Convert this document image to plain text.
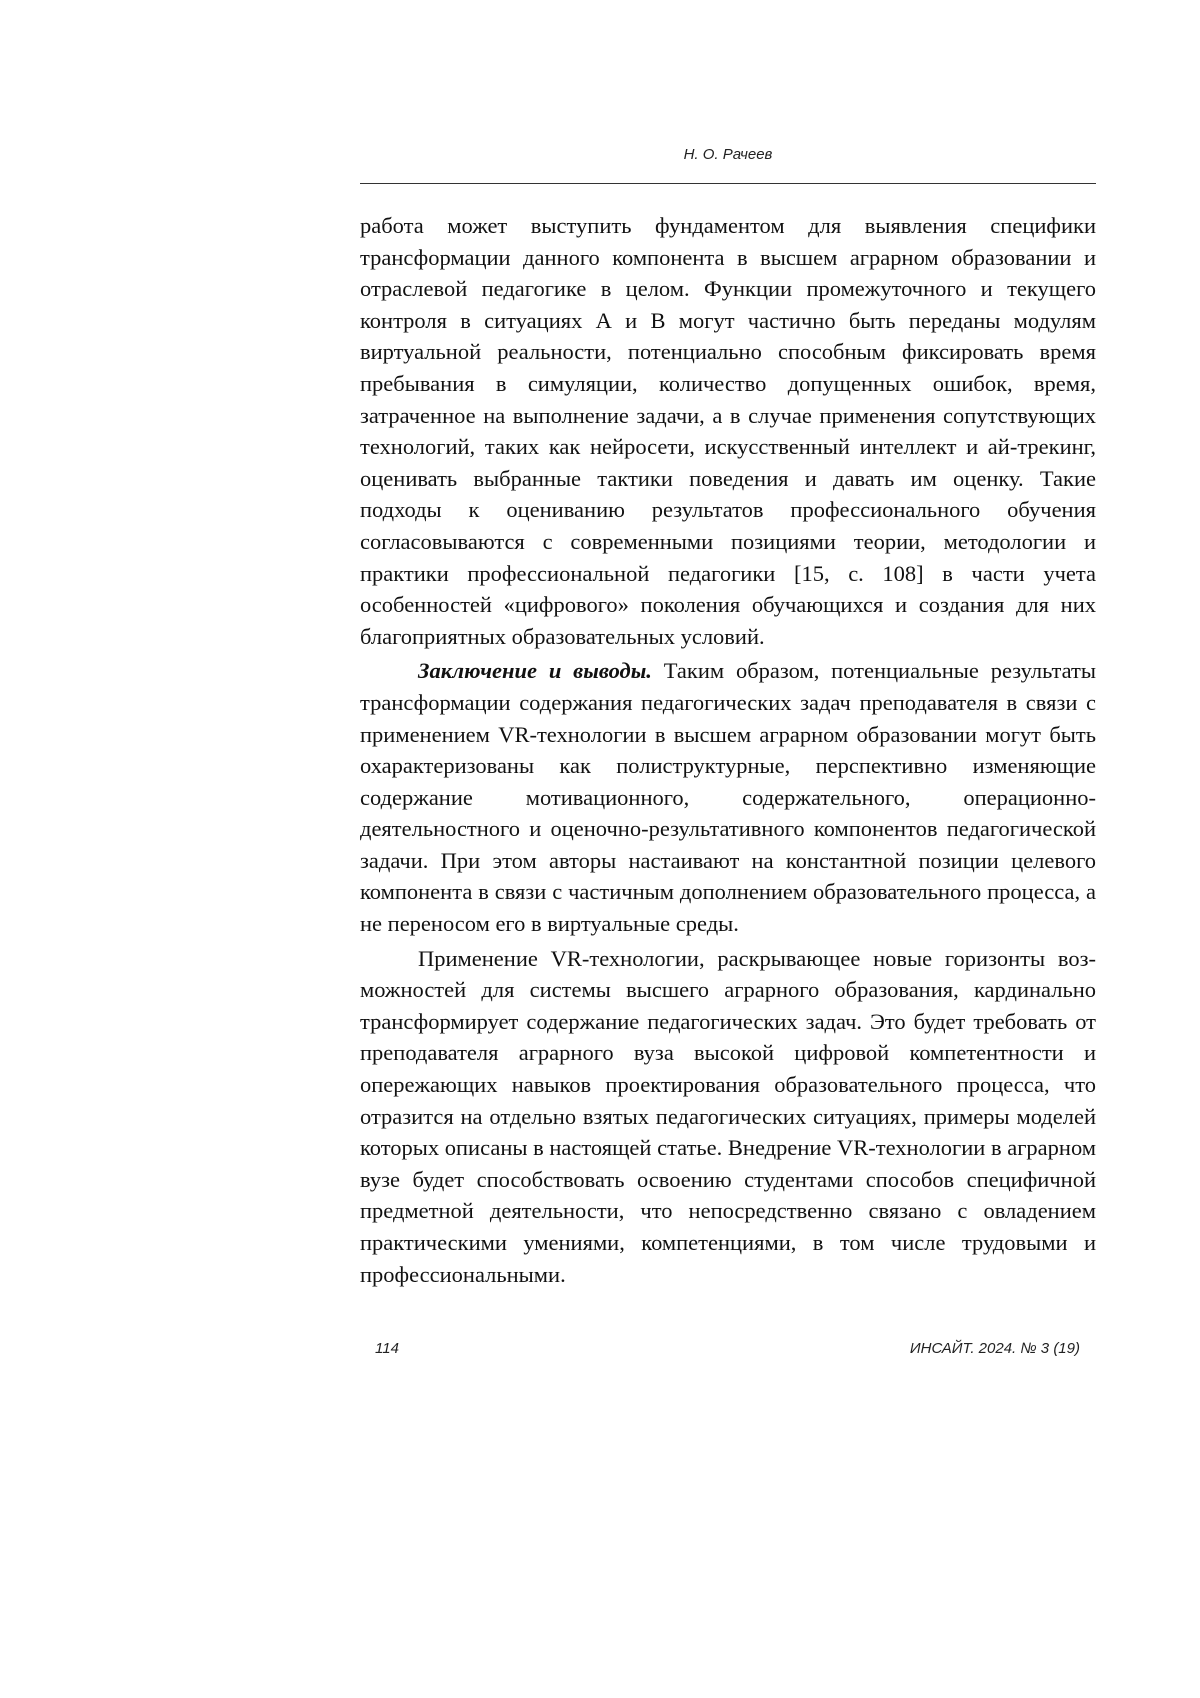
Н. О. Рачеев

работа может выступить фундаментом для выявления специфики трансформации данного компонента в высшем аграрном образовании и отраслевой педагогике в целом. Функции промежуточного и текущего контроля в ситуациях А и В могут частично быть переданы модулям виртуальной реальности, потенциально способным фиксировать время пребывания в симуляции, количество допущенных ошибок, время, затраченное на выполнение задачи, а в случае применения сопутствующих технологий, таких как нейросети, искусственный интеллект и ай-трекинг, оценивать выбранные тактики поведения и давать им оценку. Такие подходы к оцениванию результатов профессионального обучения согласовываются с современными позициями теории, методологии и практики профессиональной педагогики [15, с. 108] в части учета особенностей «цифрового» поколения обучающихся и создания для них благоприятных образовательных условий.

Заключение и выводы. Таким образом, потенциальные результаты трансформации содержания педагогических задач преподавателя в связи с применением VR-технологии в высшем аграрном образовании могут быть охарактеризованы как полиструктурные, перспективно изменяющие содержание мотивационного, содержательного, операционно-деятельностного и оценочно-результативного компонентов педагогической задачи. При этом авторы настаивают на константной позиции целевого компонента в связи с частичным дополнением образовательного процесса, а не переносом его в виртуальные среды.

Применение VR-технологии, раскрывающее новые горизонты возможностей для системы высшего аграрного образования, кардинально трансформирует содержание педагогических задач. Это будет требовать от преподавателя аграрного вуза высокой цифровой компетентности и опережающих навыков проектирования образовательного процесса, что отразится на отдельно взятых педагогических ситуациях, примеры моделей которых описаны в настоящей статье. Внедрение VR-технологии в аграрном вузе будет способствовать освоению студентами способов специфичной предметной деятельности, что непосредственно связано с овладением практическими умениями, компетенциями, в том числе трудовыми и профессиональными.

114	ИНСАЙТ. 2024. № 3 (19)
